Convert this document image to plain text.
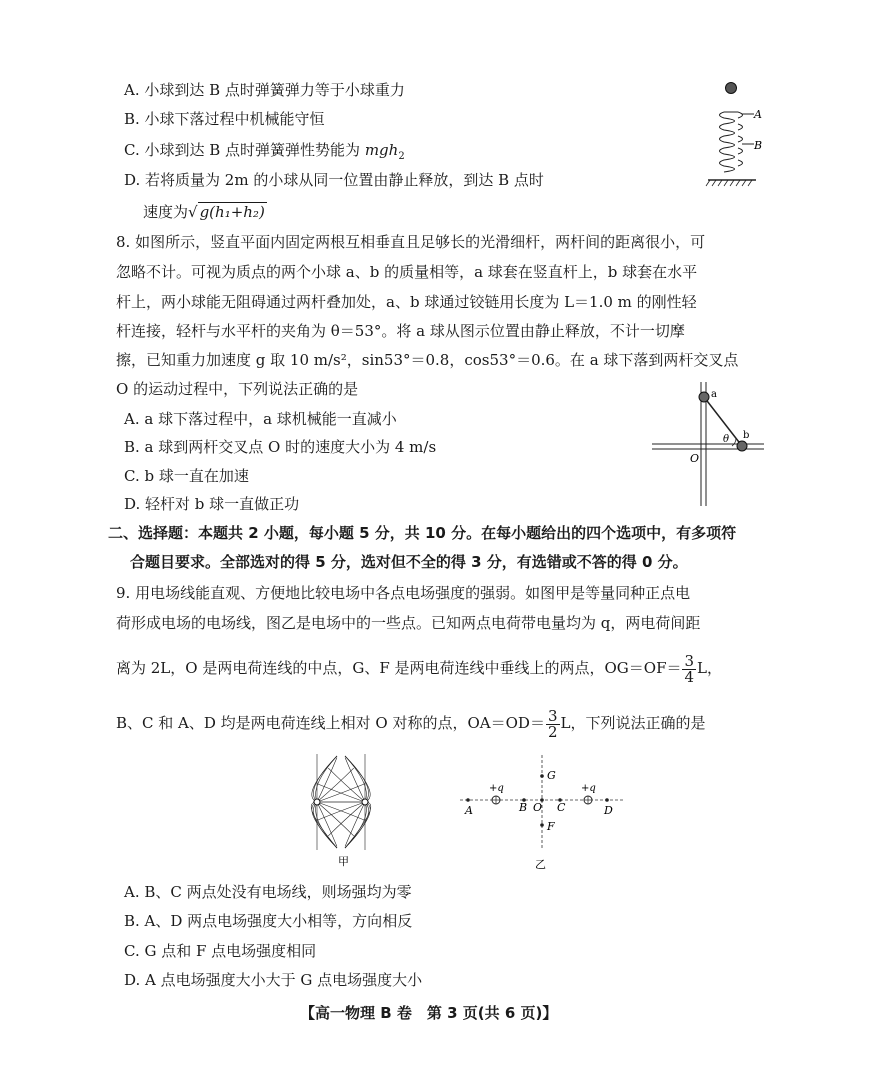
A. 小球到达 B 点时弹簧弹力等于小球重力
B. 小球下落过程中机械能守恒
C. 小球到达 B 点时弹簧弹性势能为 mgh$_2$
D. 若将质量为 2m 的小球从同一位置由静止释放，到达 B 点时
速度为√ g(h₁+h₂)
A
B
8. 如图所示，竖直平面内固定两根互相垂直且足够长的光滑细杆，两杆间的距离很小，可
忽略不计。可视为质点的两个小球 a、b 的质量相等，a 球套在竖直杆上，b 球套在水平
杆上，两小球能无阻碍通过两杆叠加处，a、b 球通过铰链用长度为 L＝1.0 m 的刚性轻
杆连接，轻杆与水平杆的夹角为 θ＝53°。将 a 球从图示位置由静止释放，不计一切摩
擦，已知重力加速度 g 取 10 m/s²，sin53°＝0.8，cos53°＝0.6。在 a 球下落到两杆交叉点
O 的运动过程中，下列说法正确的是
A. a 球下落过程中，a 球机械能一直减小
B. a 球到两杆交叉点 O 时的速度大小为 4 m/s
C. b 球一直在加速
D. 轻杆对 b 球一直做正功
a
b
θ
O
二、选择题：本题共 2 小题，每小题 5 分，共 10 分。在每小题给出的四个选项中，有多项符
合题目要求。全部选对的得 5 分，选对但不全的得 3 分，有选错或不答的得 0 分。
9. 用电场线能直观、方便地比较电场中各点电场强度的强弱。如图甲是等量同种正点电
荷形成电场的电场线，图乙是电场中的一些点。已知两点电荷带电量均为 q，两电荷间距
离为 2L，O 是两电荷连线的中点，G、F 是两电荷连线中垂线上的两点，$OG=OF= \frac{3}{4}$ L，
B、C 和 A、D 均是两电荷连线上相对 O 对称的点，$OA=OD= \frac{3}{2}$ L，下列说法正确的是
甲
+q	+q
A	B O C	D
G
F
乙
A. B、C 两点处没有电场线，则场强均为零
B. A、D 两点电场强度大小相等，方向相反
C. G 点和 F 点电场强度相同
D. A 点电场强度大小大于 G 点电场强度大小
【高一物理 B 卷　第 3 页(共 6 页)】
